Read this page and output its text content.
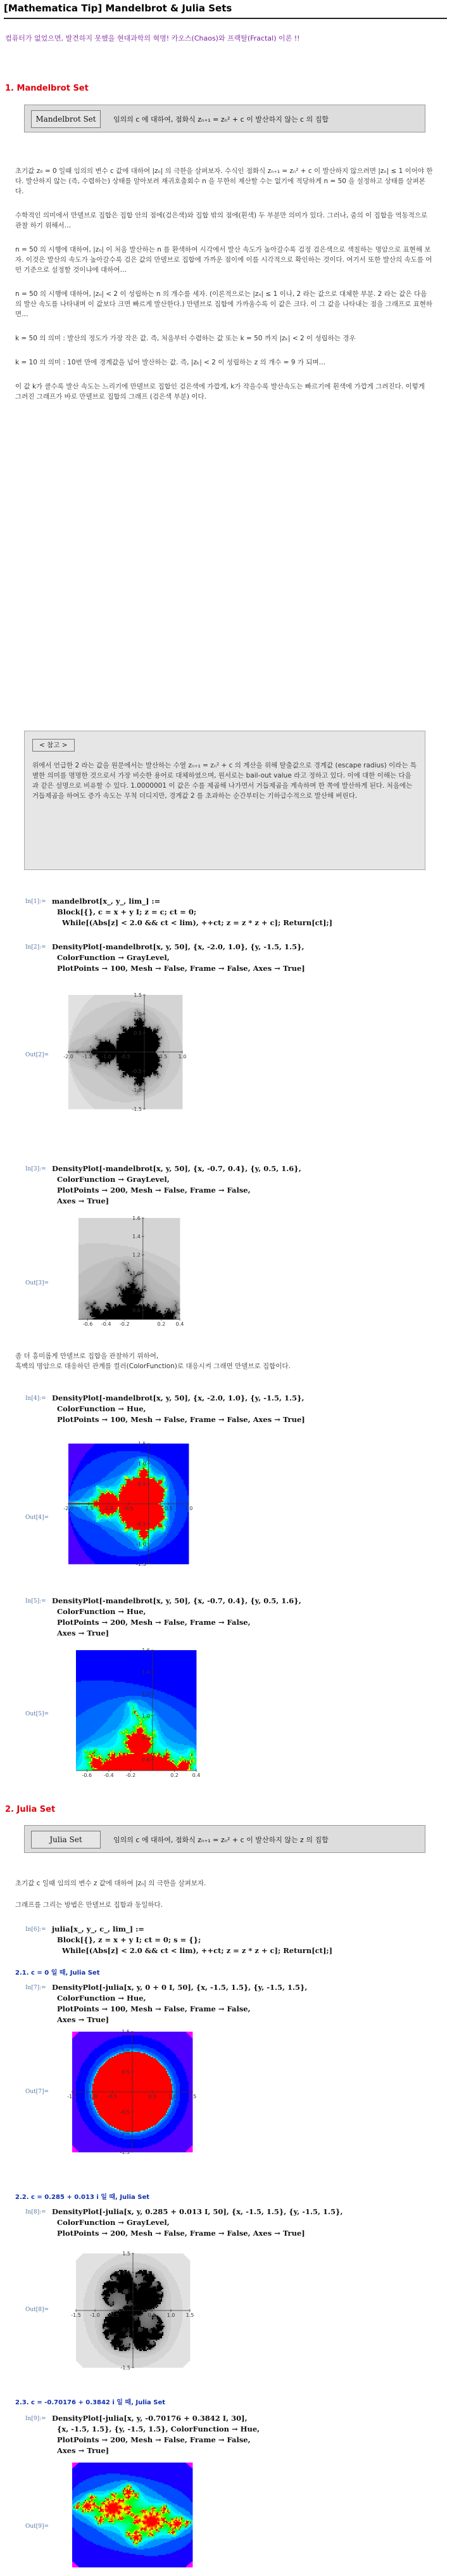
[Mathematica Tip] Mandelbrot & Julia Sets
컴퓨터가 없었으면, 발견하지 못했을 현대과학의 혁명! 카오스(Chaos)와 프랙탈(Fractal) 이론 !!
1. Mandelbrot Set
Mandelbrot Set	임의의 c 에 대하여, 점화식 zₙ₊₁ = zₙ² + c 이 발산하지 않는 c 의 집합

초기값 z₀ = 0 일때 임의의 변수 c 값에 대하여 |zₙ| 의 극한을 살펴보자. 수식인 점화식 zₙ₊₁ = zₙ² + c 이 발산하지 않으려면 |zₙ| ≤ 1 이어야 한다. 발산하지 않는 (즉, 수렴하는) 상태를 알아보려 재귀호출회수 n 을 무한히 제산할 수는 없기에 적당하게 n = 50 을 설정하고 상태를 살펴본다.

수학적인 의미에서 만델브로 집합은 집합 안의 점에(검은색)와 집합 밖의 점에(흰색) 두 부분만 의미가 있다. 그러나, 줌의 이 집합을 역동적으로 관찰 하기 위해서…

n = 50 의 시행에 대하여, |zₙ| 이 처음 발산하는 n 를 환색하여 시각에서 발산 속도가 높아갈수록 검정 검은색으로 색칠하는 명암으로 표현해 보자. 이것은 발산의 속도가 높아갈수록 검은 값의 만델브로 집합에 가까운 점이에 이를 시각적으로 확인하는 것이다. 여기서 또한 발산의 속도를 어떤 기준으로 설정할 것이냐에 대하여…

n = 50 의 시행에 대하여, |zₙ| < 2 이 성립하는 n 의 개수를 세자. (이론적으로는 |zₙ| ≤ 1 이나, 2 라는 값으로 대체한 부분. 2 라는 값은 다음의 발산 속도를 나타내며 이 값보다 크면 빠르게 발산한다.) 만델브로 집합에 가까울수록 이 값은 크다. 이 그 값을 나타내는 점을 그래프로 표현하면…

k = 50 의 의미 : 발산의 정도가 가장 작은 값. 즉, 처음부터 수렴하는 값 또는 k = 50 까지 |zₖ| < 2 이 성립하는 경우

k = 10 의 의미 : 10번 만에 경계값을 넘어 발산하는 값. 즉, |zₖ| < 2 이 성립하는 z 의 개수 = 9 가 되며…

이 값 k가 클수록 발산 속도는 느리기에 만델브로 집합인 검은색에 가깝게, k가 작을수록 발산속도는 빠르기에 흰색에 가깝게 그려진다. 이렇게 그려진 그래프가 바로 만델브로 집합의 그래프 (검은색 부분) 이다.

< 참고 >
위에서 언급한 2 라는 값을 원문에서는 발산하는 수열 zₙ₊₁ = zₙ² + c 의 계산을 위해 탈출값으로 경계값 (escape radius) 이라는 특별한 의미를 명명한 것으로서 가장 비슷한 용어로 대체하였으며, 원서로는 bail-out value 라고 정하고 있다. 이에 대한 이해는 다음과 같은 설명으로 비유할 수 있다. 1.0000001 이 값은 수를 제곱해 나가면서 거듭제곱을 계속하며 한 쪽에 발산하게 된다. 처음에는 거듭제곱을 하여도 증가 속도는 무척 더디지만, 경계값 2 를 초과하는 순간부터는 기하급수적으로 발산해 버린다.
In[1]:= mandelbrot[x_, y_, lim_] :=
Block[{}, c = x + y I; z = c; ct = 0;
While[(Abs[z] < 2.0 && ct < lim), ++ct; z = z * z + c]; Return[ct];]
In[2]:= DensityPlot[-mandelbrot[x, y, 50], {x, -2.0, 1.0}, {y, -1.5, 1.5},
ColorFunction → GrayLevel,
PlotPoints → 100, Mesh → False, Frame → False, Axes → True]
Out[2]=	-2.0 -1.5 -1.0 -0.5	0.5 1.0
1.5
1.0
0.5
-0.5
-1.0
-1.5
In[3]:= DensityPlot[-mandelbrot[x, y, 50], {x, -0.7, 0.4}, {y, 0.5, 1.6},
ColorFunction → GrayLevel,
PlotPoints → 200, Mesh → False, Frame → False,
Axes → True]
Out[3]=
-0.6 -0.4 -0.2	0.2 0.4
1.6
1.4
1.2
1.0
0.8
0.6

좀 더 흥미롭게 만델브로 집합을 관찰하기 위하여,

흑백의 명암으로 대응하던 관계를 컬러(ColorFunction)로 대응시켜 그래면 만델브로 집합이다.

In[4]:= DensityPlot[-mandelbrot[x, y, 50], {x, -2.0, 1.0}, {y, -1.5, 1.5},
ColorFunction → Hue,
PlotPoints → 100, Mesh → False, Frame → False, Axes → True]
Out[4]=
-2.0 -1.5 -1.0 -0.5	0.5 1.0
1.5
1.0
0.5
-0.5
-1.0
-1.5
In[5]:= DensityPlot[-mandelbrot[x, y, 50], {x, -0.7, 0.4}, {y, 0.5, 1.6},
ColorFunction → Hue,
PlotPoints → 200, Mesh → False, Frame → False,
Axes → True]
Out[5]=
-0.6 -0.4 -0.2	0.2	0.4
1.6
1.4
1.2
1.0
0.8
0.6
2. Julia Set
Julia Set	임의의 c 에 대하여, 점화식 zₙ₊₁ = zₙ² + c 이 발산하지 않는 z 의 집합

초기값 c 일때 임의의 변수 z 값에 대하여 |zₙ| 의 극한을 살펴보자.

그래프를 그리는 방법은 만델브로 집합과 동일하다.

In[6]:= julia[x_, y_, c_, lim_] :=
Block[{}, z = x + y I; ct = 0; s = {};
While[(Abs[z] < 2.0 && ct < lim), ++ct; z = z * z + c]; Return[ct];]
2.1. c = 0 일 때, Julia Set
In[7]:= DensityPlot[-julia[x, y, 0 + 0 I, 50], {x, -1.5, 1.5}, {y, -1.5, 1.5},
ColorFunction → Hue,
PlotPoints → 100, Mesh → False, Frame → False,
Axes → True]
Out[7]=
-1.5 -1.0 -0.5	0.5 1.0 1.5
1.5
1.0
0.5
-0.5
-1.0
-1.5
2.2. c = 0.285 + 0.013 i 일 때, Julia Set
In[8]:= DensityPlot[-julia[x, y, 0.285 + 0.013 I, 50], {x, -1.5, 1.5}, {y, -1.5, 1.5},
ColorFunction → GrayLevel,
PlotPoints → 200, Mesh → False, Frame → False, Axes → True]
Out[8]=
-1.5 -1.0 -0.5	0.5 1.0 1.5
1.5
1.0
0.5
-0.5
-1.0
-1.5
2.3. c = -0.70176 + 0.3842 i 일 때, Julia Set
In[9]:= DensityPlot[-julia[x, y, -0.70176 + 0.3842 I, 30],
{x, -1.5, 1.5}, {y, -1.5, 1.5}, ColorFunction → Hue,
PlotPoints → 200, Mesh → False, Frame → False,
Axes → True]
Out[9]=
